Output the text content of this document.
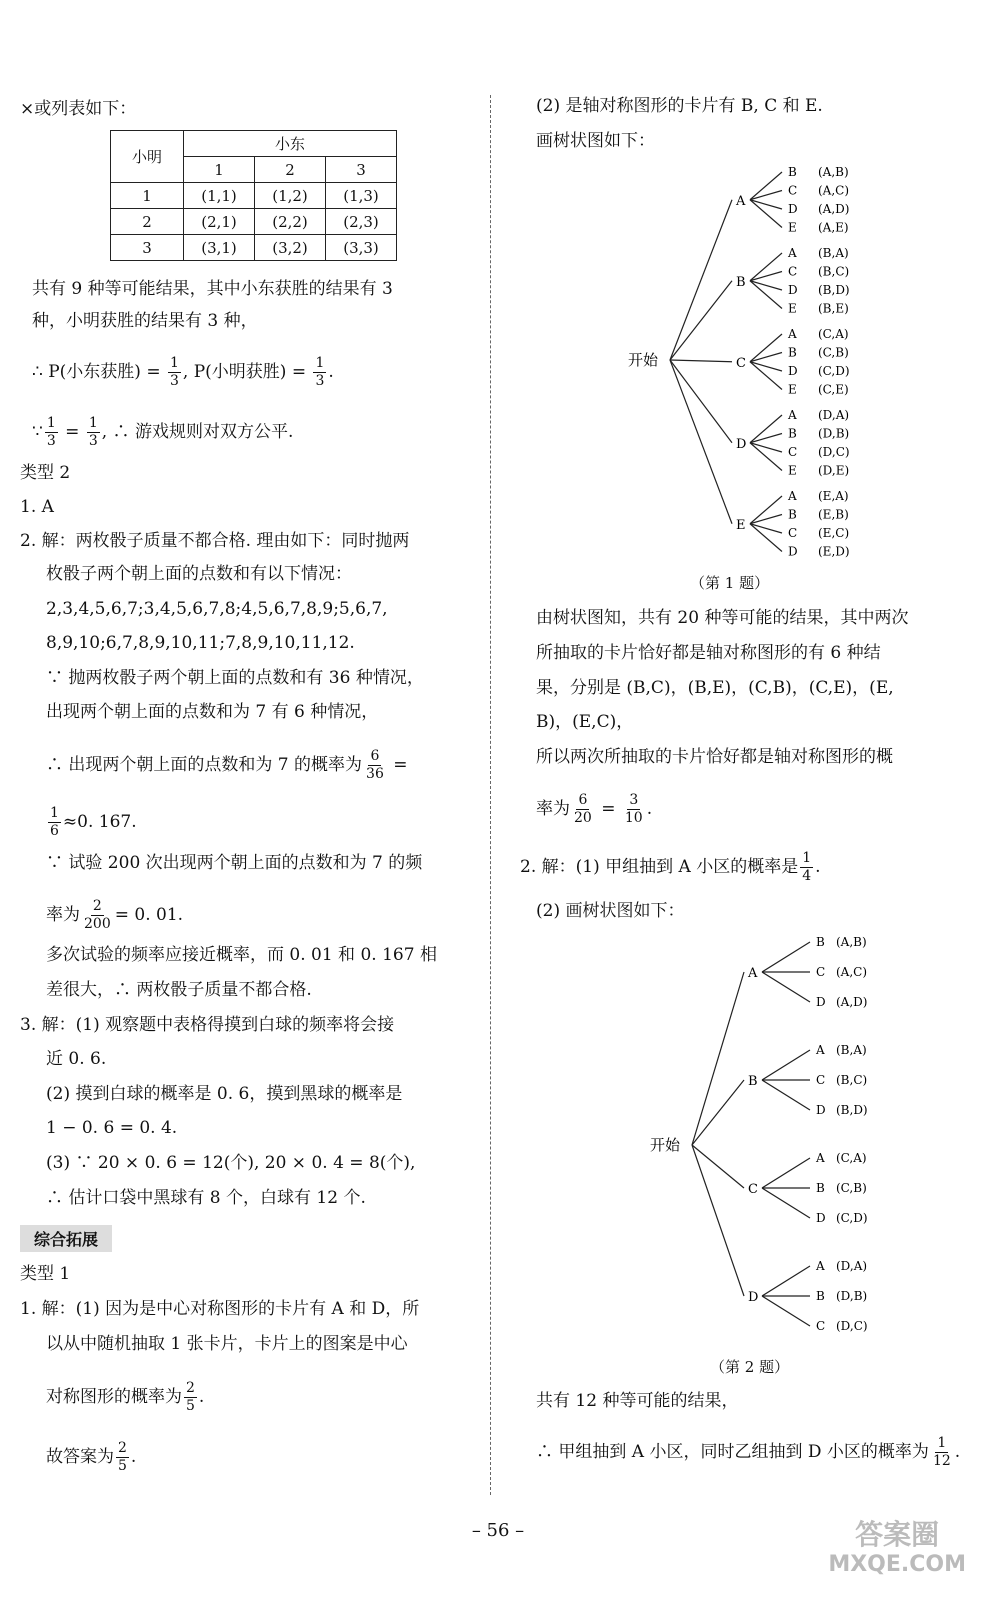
×或列表如下：
共有 9 种等可能结果，其中小东获胜的结果有 3
种，小明获胜的结果有 3 种，
∴ P(小东获胜) = $\frac{1}{3}$ , P(小明获胜) = $\frac{1}{3}$ .
∵ $\frac{1}{3} = \frac{1}{3}$ , ∴ 游戏规则对双方公平.
类型 2
1. A
2. 解：两枚骰子质量不都合格. 理由如下：同时抛两
枚骰子两个朝上面的点数和有以下情况：
2,3,4,5,6,7;3,4,5,6,7,8;4,5,6,7,8,9;5,6,7,
8,9,10;6,7,8,9,10,11;7,8,9,10,11,12.
∵ 抛两枚骰子两个朝上面的点数和有 36 种情况，
出现两个朝上面的点数和为 7 有 6 种情况，
∴ 出现两个朝上面的点数和为 7 的概率为 $\frac{6}{36}$ =
$\frac{1}{6} \approx 0$. 167.
∵ 试验 200 次出现两个朝上面的点数和为 7 的频
率为 $\frac{2}{200} = 0$. 01.
多次试验的频率应接近概率，而 0. 01 和 0. 167 相
差很大，∴ 两枚骰子质量不都合格.
3. 解：(1) 观察题中表格得摸到白球的频率将会接
近 0. 6.
(2) 摸到白球的概率是 0. 6，摸到黑球的概率是
1 − 0. 6 = 0. 4.
(3) ∵ 20 × 0. 6 = 12(个), 20 × 0. 4 = 8(个),
∴ 估计口袋中黑球有 8 个，白球有 12 个.
类型 1
1. 解：(1) 因为是中心对称图形的卡片有 A 和 D，所
以从中随机抽取 1 张卡片，卡片上的图案是中心
对称图形的概率为 $\frac{2}{5}$ .
故答案为 $\frac{2}{5}$ .
小明	小东		
	1	2	3
1	(1,1)	(1,2)	(1,3)
2	(2,1)	(2,2)	(2,3)
3	(3,1)	(3,2)	(3,3)
综合拓展
(2) 是轴对称图形的卡片有 B, C 和 E.
画树状图如下：
开始
A
B (A,B)
C (A,C)
D (A,D)
E (A,E)
B
A (B,A)
C (B,C)
D (B,D)
E (B,E)
C
A (C,A)
B (C,B)
D (C,D)
E (C,E)
D
A (D,A)
B (D,B)
C (D,C)
E (D,E)
E
A (E,A)
B (E,B)
C (E,C)
D (E,D)
（第 1 题）
由树状图知，共有 20 种等可能的结果，其中两次
所抽取的卡片恰好都是轴对称图形的有 6 种结
果，分别是 (B,C)，(B,E)，(C,B)，(C,E)，(E,
B)，(E,C)，
所以两次所抽取的卡片恰好都是轴对称图形的概
率为 $\frac{6}{20} = \frac{3}{10}$ .
2. 解：(1) 甲组抽到 A 小区的概率是 $\frac{1}{4}$ .
(2) 画树状图如下：
开始
A
B (A,B)
C (A,C)
D (A,D)
B
A (B,A)
C (B,C)
D (B,D)
C
A (C,A)
B (C,B)
D (C,D)
D
A (D,A)
B (D,B)
C (D,C)
（第 2 题）
共有 12 种等可能的结果，
∴ 甲组抽到 A 小区，同时乙组抽到 D 小区的概率为 $\frac{1}{12}$ .
– 56 –	答案圈
MXQE.COM
